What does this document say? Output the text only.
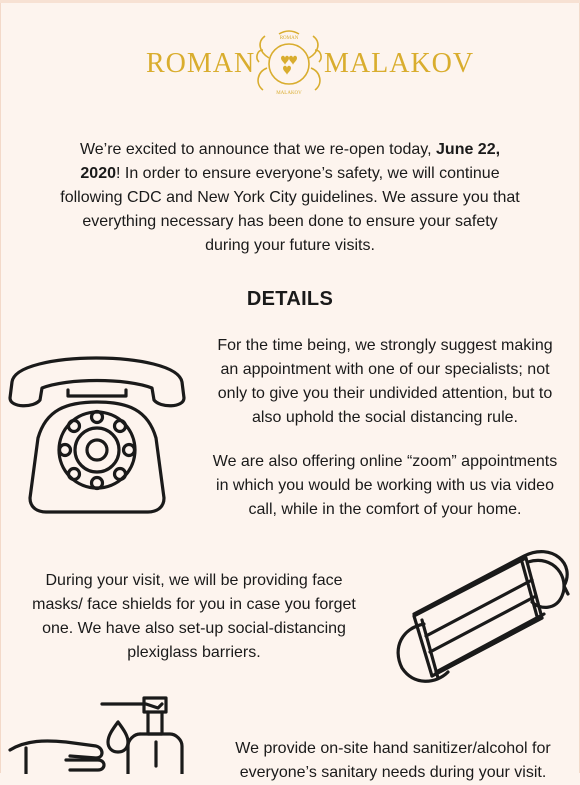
ROMAN
ROMAN
MALAKOV
MALAKOV

We’re excited to announce that we re-open today, June 22, 2020! In order to ensure everyone’s safety, we will continue following CDC and New York City guidelines. We assure you that everything necessary has been done to ensure your safety during your future visits.

DETAILS

For the time being, we strongly suggest making an appointment with one of our specialists; not only to give you their undivided attention, but to also uphold the social distancing rule.

We are also offering online “zoom” appointments in which you would be working with us via video call, while in the comfort of your home.

During your visit, we will be providing face masks/ face shields for you in case you forget one. We have also set-up social-distancing plexiglass barriers.

We provide on-site hand sanitizer/alcohol for everyone’s sanitary needs during your visit.
